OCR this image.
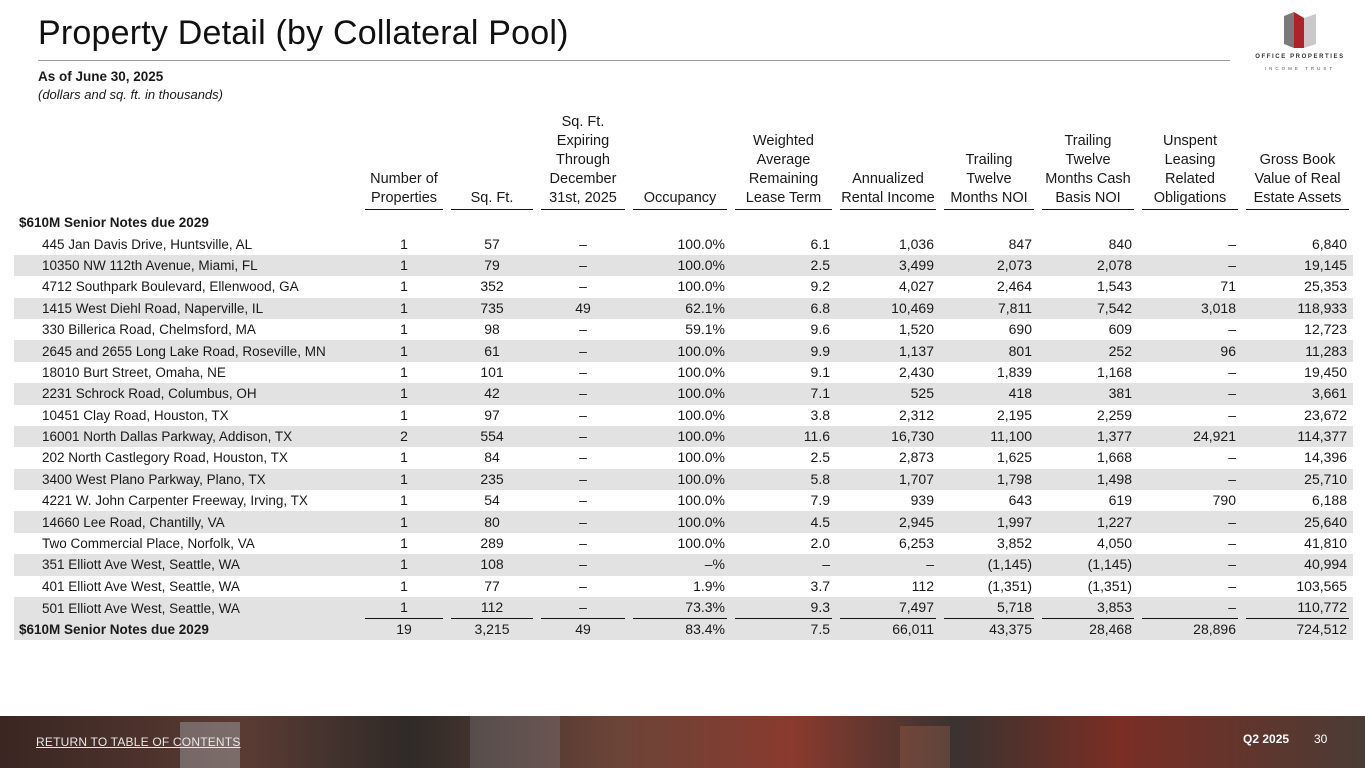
Property Detail (by Collateral Pool)
OFFICE PROPERTIES
INCOME TRUST
As of June 30, 2025
(dollars and sq. ft. in thousands)

	Number of Properties	Sq. Ft.	Sq. Ft. Expiring Through December 31st, 2025	Occupancy	Weighted Average Remaining Lease Term	Annualized Rental Income	Trailing Twelve Months NOI	Trailing Twelve Months Cash Basis NOI	Unspent Leasing Related Obligations	Gross Book Value of Real Estate Assets

$610M Senior Notes due 2029										
445 Jan Davis Drive, Huntsville, AL	1	57	–	100.0%	6.1	1,036	847	840	–	6,840
10350 NW 112th Avenue, Miami, FL	1	79	–	100.0%	2.5	3,499	2,073	2,078	–	19,145
4712 Southpark Boulevard, Ellenwood, GA	1	352	–	100.0%	9.2	4,027	2,464	1,543	71	25,353
1415 West Diehl Road, Naperville, IL	1	735	49	62.1%	6.8	10,469	7,811	7,542	3,018	118,933
330 Billerica Road, Chelmsford, MA	1	98	–	59.1%	9.6	1,520	690	609	–	12,723
2645 and 2655 Long Lake Road, Roseville, MN	1	61	–	100.0%	9.9	1,137	801	252	96	11,283
18010 Burt Street, Omaha, NE	1	101	–	100.0%	9.1	2,430	1,839	1,168	–	19,450
2231 Schrock Road, Columbus, OH	1	42	–	100.0%	7.1	525	418	381	–	3,661
10451 Clay Road, Houston, TX	1	97	–	100.0%	3.8	2,312	2,195	2,259	–	23,672
16001 North Dallas Parkway, Addison, TX	2	554	–	100.0%	11.6	16,730	11,100	1,377	24,921	114,377
202 North Castlegory Road, Houston, TX	1	84	–	100.0%	2.5	2,873	1,625	1,668	–	14,396
3400 West Plano Parkway, Plano, TX	1	235	–	100.0%	5.8	1,707	1,798	1,498	–	25,710
4221 W. John Carpenter Freeway, Irving, TX	1	54	–	100.0%	7.9	939	643	619	790	6,188
14660 Lee Road, Chantilly, VA	1	80	–	100.0%	4.5	2,945	1,997	1,227	–	25,640
Two Commercial Place, Norfolk, VA	1	289	–	100.0%	2.0	6,253	3,852	4,050	–	41,810
351 Elliott Ave West, Seattle, WA	1	108	–	–%	–	–	(1,145)	(1,145)	–	40,994
401 Elliott Ave West, Seattle, WA	1	77	–	1.9%	3.7	112	(1,351)	(1,351)	–	103,565
501 Elliott Ave West, Seattle, WA	1	112	–	73.3%	9.3	7,497	5,718	3,853	–	110,772

$610M Senior Notes due 2029	19	3,215	49	83.4%	7.5	66,011	43,375	28,468	28,896	724,512
RETURN TO TABLE OF CONTENTS	Q2 2025 30
